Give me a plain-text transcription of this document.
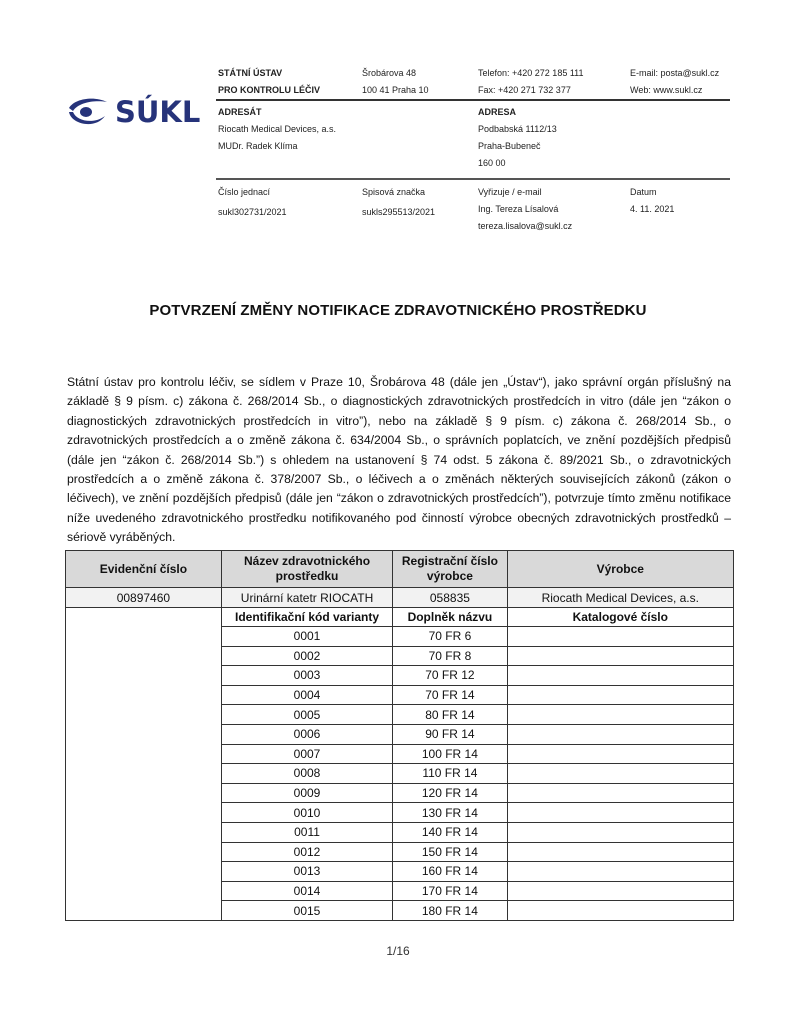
SÚKL
STÁTNÍ ÚSTAV
PRO KONTROLU LÉČIV
Šrobárova 48
100 41 Praha 10
Telefon: +420 272 185 111
Fax: +420 271 732 377
E-mail: posta@sukl.cz
Web: www.sukl.cz
ADRESÁT
Riocath Medical Devices, a.s.
MUDr. Radek Klíma
ADRESA
Podbabská 1112/13
Praha-Bubeneč
160 00
Číslo jednací
sukl302731/2021
Spisová značka
sukls295513/2021
Vyřizuje / e-mail
Ing. Tereza Lísalová
tereza.lisalova@sukl.cz
Datum
4. 11. 2021
POTVRZENÍ ZMĚNY NOTIFIKACE ZDRAVOTNICKÉHO PROSTŘEDKU
Státní ústav pro kontrolu léčiv, se sídlem v Praze 10, Šrobárova 48 (dále jen „Ústav“), jako správní orgán příslušný na základě § 9 písm. c) zákona č. 268/2014 Sb., o diagnostických zdravotnických prostředcích in vitro (dále jen “zákon o diagnostických zdravotnických prostředcích in vitro”), nebo na základě § 9 písm. c) zákona č. 268/2014 Sb., o zdravotnických prostředcích a o změně zákona č. 634/2004 Sb., o správních poplatcích, ve znění pozdějších předpisů (dále jen “zákon č. 268/2014 Sb.”) s ohledem na ustanovení § 74 odst. 5 zákona č. 89/2021 Sb., o zdravotnických prostředcích a o změně zákona č. 378/2007 Sb., o léčivech a o změnách některých souvisejících zákonů (zákon o léčivech), ve znění pozdějších předpisů (dále jen “zákon o zdravotnických prostředcích”), potvrzuje tímto změnu notifikace níže uvedeného zdravotnického prostředku notifikovaného pod činností výrobce obecných zdravotnických prostředků – sériově vyráběných.
Evidenční číslo	Název zdravotnického prostředku	Registrační číslo výrobce	Výrobce
00897460	Urinární katetr RIOCATH	058835	Riocath Medical Devices, a.s.
	Identifikační kód varianty	Doplněk názvu	Katalogové číslo
	0001	70 FR 6	
	0002	70 FR 8	
	0003	70 FR 12	
	0004	70 FR 14	
	0005	80 FR 14	
	0006	90 FR 14	
	0007	100 FR 14	
	0008	110 FR 14	
	0009	120 FR 14	
	0010	130 FR 14	
	0011	140 FR 14	
	0012	150 FR 14	
	0013	160 FR 14	
	0014	170 FR 14	
	0015	180 FR 14	
1/16
